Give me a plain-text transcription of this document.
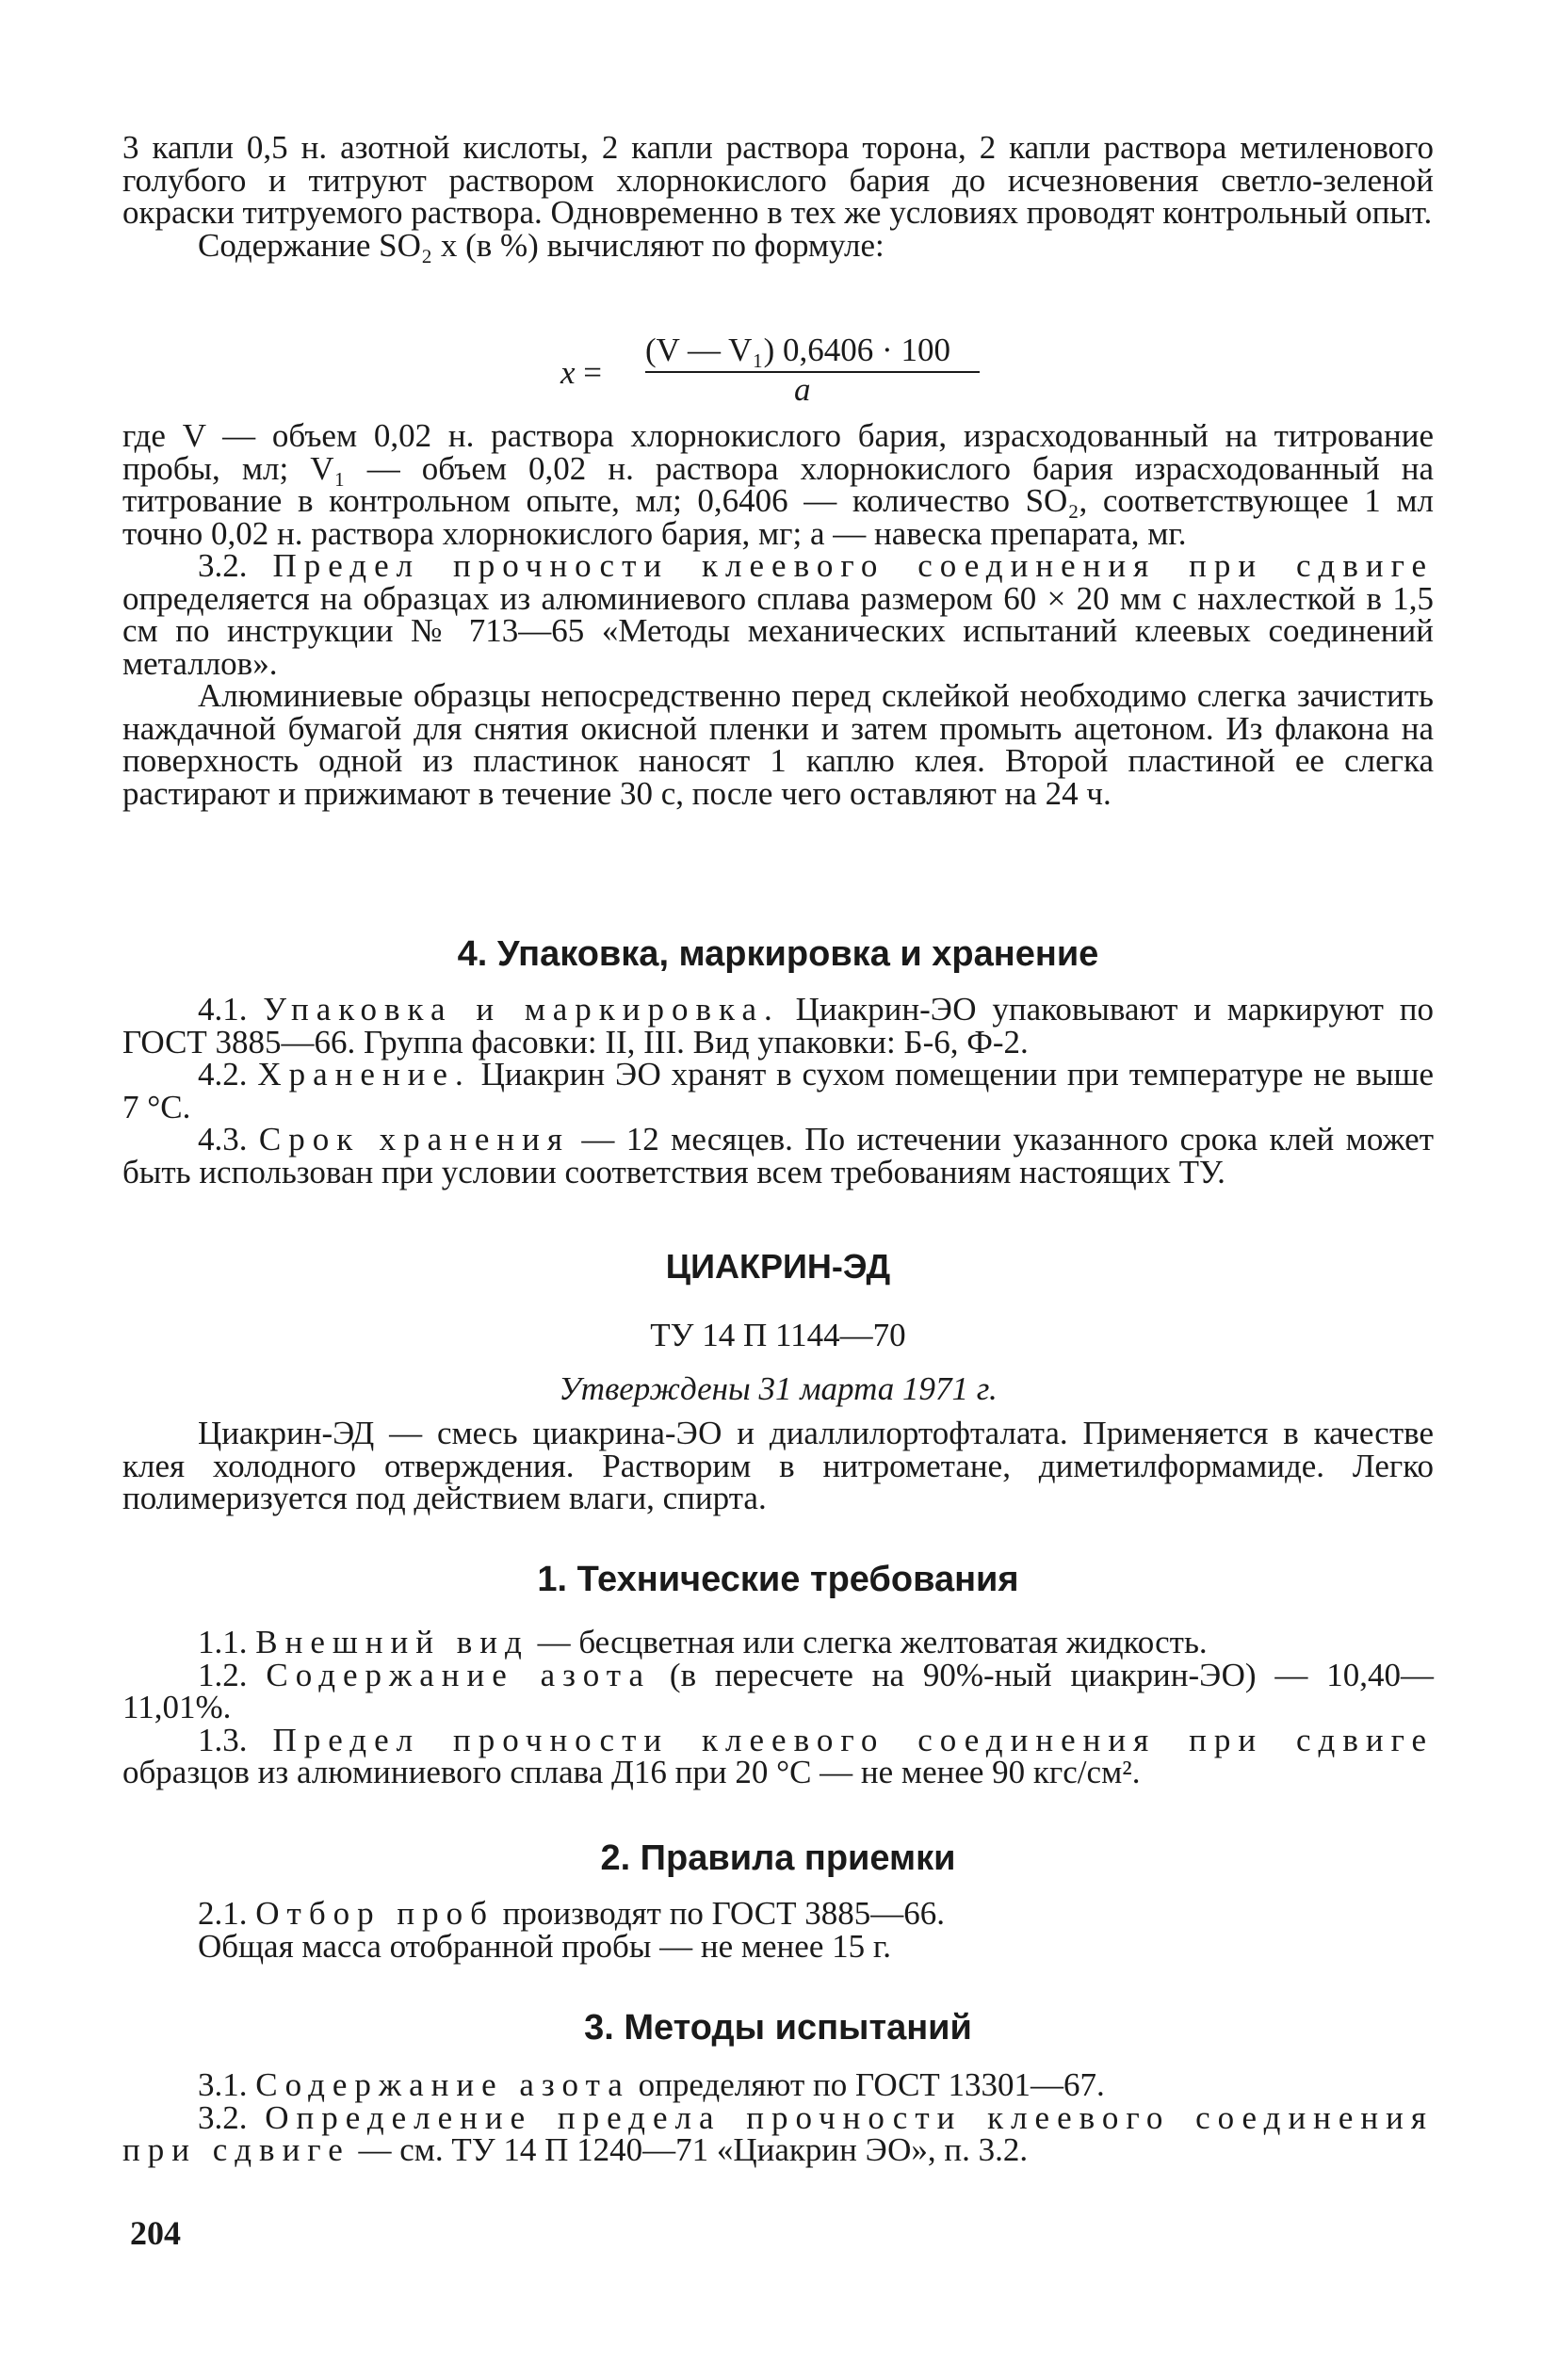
3 капли 0,5 н. азотной кислоты, 2 капли раствора торона, 2 капли раствора метиленового голубого и титруют раствором хлорнокислого бария до исчезновения светло-зеленой окраски титруемого раствора. Одновременно в тех же условиях проводят контрольный опыт.

Содержание SO₂ x (в %) вычисляют по формуле:

x =
(V — V₁) 0,6406 · 100
a

где V — объем 0,02 н. раствора хлорнокислого бария, израсходованный на титрование пробы, мл; V₁ — объем 0,02 н. раствора хлорнокислого бария израсходованный на титрование в контрольном опыте, мл; 0,6406 — количество SO₂, соответствующее 1 мл точно 0,02 н. раствора хлорнокислого бария, мг; a — навеска препарата, мг.

3.2. Предел прочности клеевого соединения при сдвиге определяется на образцах из алюминиевого сплава размером 60 × 20 мм с нахлесткой в 1,5 см по инструкции № 713—65 «Методы механических испытаний клеевых соединений металлов».

Алюминиевые образцы непосредственно перед склейкой необходимо слегка зачистить наждачной бумагой для снятия окисной пленки и затем промыть ацетоном. Из флакона на поверхность одной из пластинок наносят 1 каплю клея. Второй пластиной ее слегка растирают и прижимают в течение 30 с, после чего оставляют на 24 ч.

4. Упаковка, маркировка и хранение

4.1. Упаковка и маркировка. Циакрин-ЭО упаковывают и маркируют по ГОСТ 3885—66. Группа фасовки: II, III. Вид упаковки: Б-6, Ф-2.

4.2. Хранение. Циакрин ЭО хранят в сухом помещении при температуре не выше 7 °С.

4.3. Срок хранения — 12 месяцев. По истечении указанного срока клей может быть использован при условии соответствия всем требованиям настоящих ТУ.

ЦИАКРИН-ЭД

ТУ 14 П 1144—70

Утверждены 31 марта 1971 г.

Циакрин-ЭД — смесь циакрина-ЭО и диаллилортофталата. Применяется в качестве клея холодного отверждения. Растворим в нитрометане, диметилформамиде. Легко полимеризуется под действием влаги, спирта.

1. Технические требования

1.1. Внешний вид — бесцветная или слегка желтоватая жидкость.

1.2. Содержание азота (в пересчете на 90%-ный циакрин-ЭО) — 10,40—11,01%.

1.3. Предел прочности клеевого соединения при сдвиге образцов из алюминиевого сплава Д16 при 20 °С — не менее 90 кгс/см².

2. Правила приемки

2.1. Отбор проб производят по ГОСТ 3885—66.

Общая масса отобранной пробы — не менее 15 г.

3. Методы испытаний

3.1. Содержание азота определяют по ГОСТ 13301—67.

3.2. Определение предела прочности клеевого соединения при сдвиге — см. ТУ 14 П 1240—71 «Циакрин ЭО», п. 3.2.

204
